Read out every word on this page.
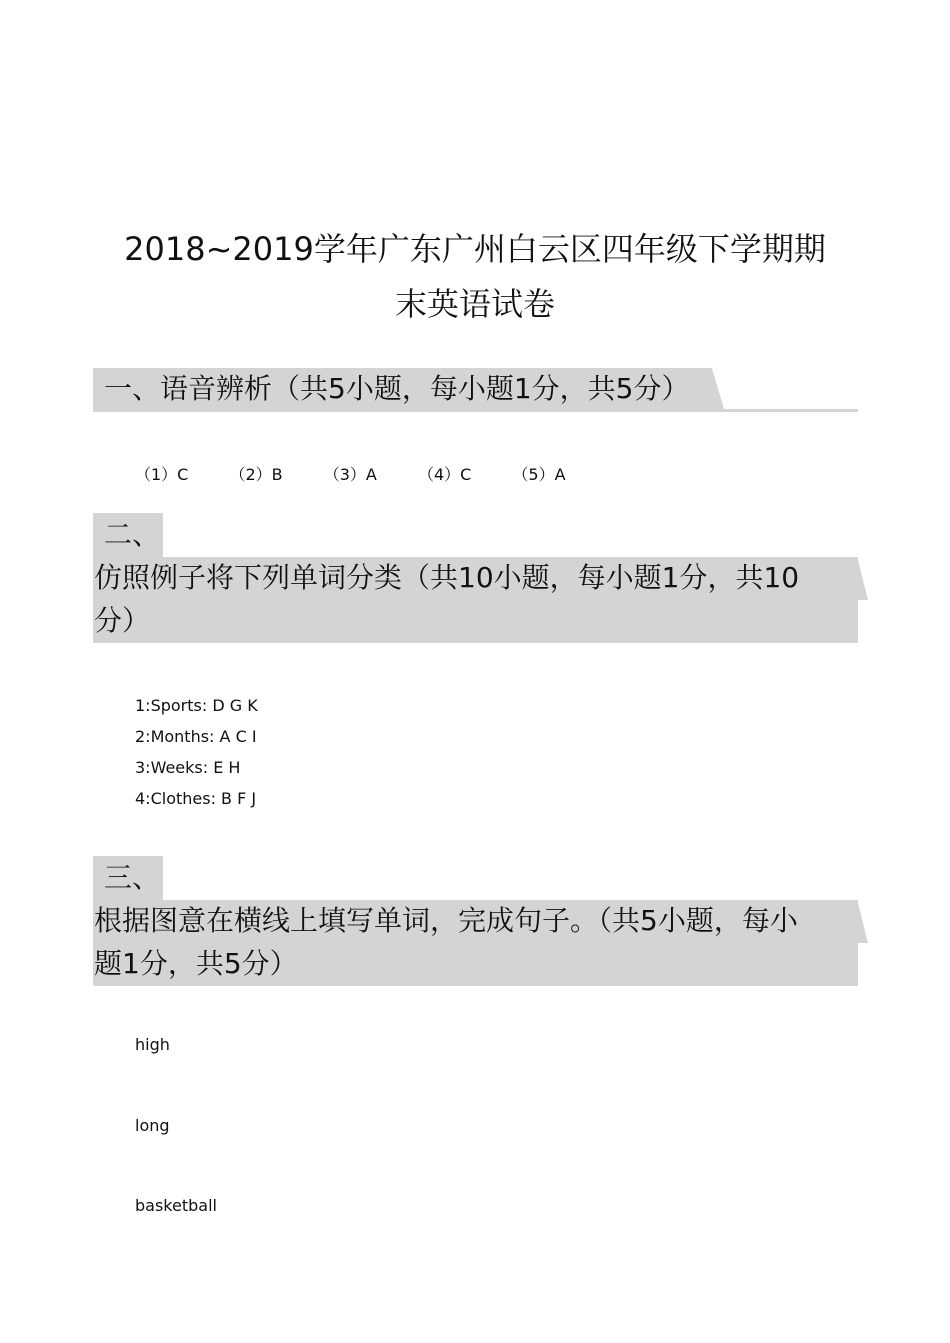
2018~2019学年广东广州白云区四年级下学期期
末英语试卷
一、语音辨析（共5小题，每小题1分，共5分）
（1）C	（2）B	（3）A	（4）C	（5）A
二、
仿照例子将下列单词分类（共10小题，每小题1分，共10
分）
1:Sports: D G K
2:Months: A C I
3:Weeks: E H
4:Clothes: B F J
三、
根据图意在横线上填写单词，完成句子。（共5小题，每小
题1分，共5分）
high
long
basketball
